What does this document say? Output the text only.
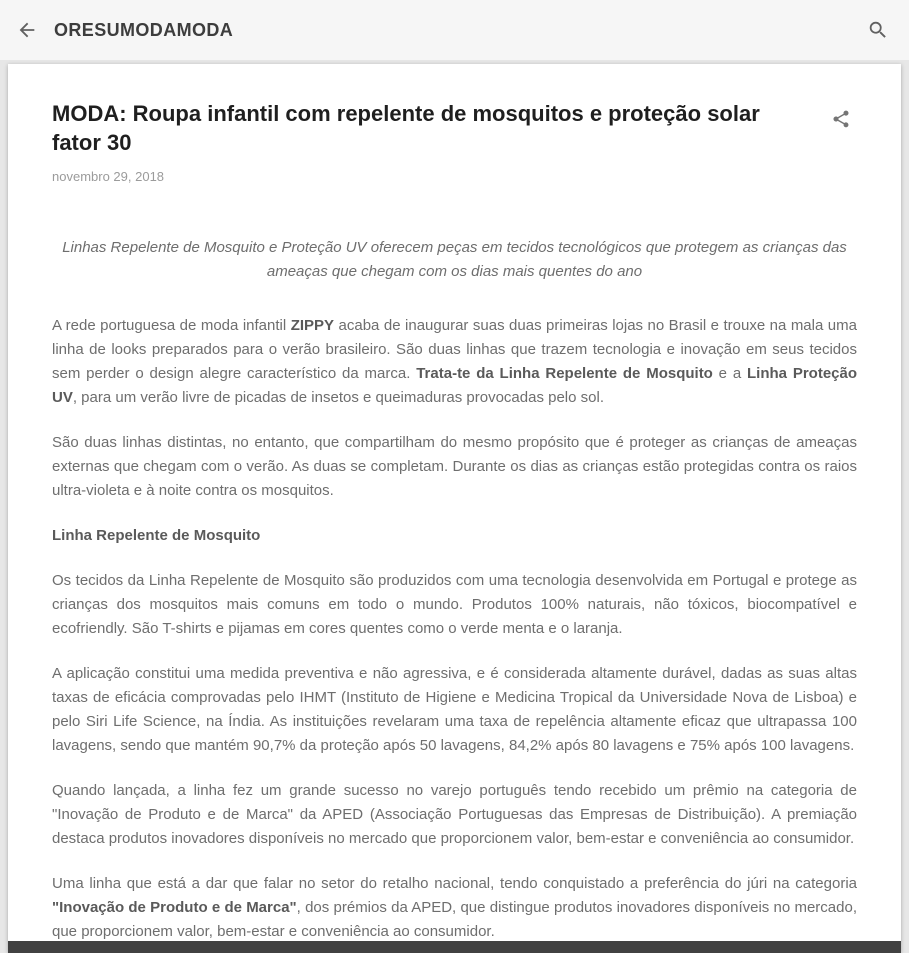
ORESUMODAMODA
MODA: Roupa infantil com repelente de mosquitos e proteção solar fator 30
novembro 29, 2018

Linhas Repelente de Mosquito e Proteção UV oferecem peças em tecidos tecnológicos que protegem as crianças das ameaças que chegam com os dias mais quentes do ano

A rede portuguesa de moda infantil ZIPPY acaba de inaugurar suas duas primeiras lojas no Brasil e trouxe na mala uma linha de looks preparados para o verão brasileiro. São duas linhas que trazem tecnologia e inovação em seus tecidos sem perder o design alegre característico da marca. Trata-te da Linha Repelente de Mosquito e a Linha Proteção UV, para um verão livre de picadas de insetos e queimaduras provocadas pelo sol.

São duas linhas distintas, no entanto, que compartilham do mesmo propósito que é proteger as crianças de ameaças externas que chegam com o verão. As duas se completam. Durante os dias as crianças estão protegidas contra os raios ultra-violeta e à noite contra os mosquitos.

Linha Repelente de Mosquito

Os tecidos da Linha Repelente de Mosquito são produzidos com uma tecnologia desenvolvida em Portugal e protege as crianças dos mosquitos mais comuns em todo o mundo. Produtos 100% naturais, não tóxicos, biocompatível e ecofriendly. São T-shirts e pijamas em cores quentes como o verde menta e o laranja.

A aplicação constitui uma medida preventiva e não agressiva, e é considerada altamente durável, dadas as suas altas taxas de eficácia comprovadas pelo IHMT (Instituto de Higiene e Medicina Tropical da Universidade Nova de Lisboa) e pelo Siri Life Science, na Índia. As instituições revelaram uma taxa de repelência altamente eficaz que ultrapassa 100 lavagens, sendo que mantém 90,7% da proteção após 50 lavagens, 84,2% após 80 lavagens e 75% após 100 lavagens.

Quando lançada, a linha fez um grande sucesso no varejo português tendo recebido um prêmio na categoria de "Inovação de Produto e de Marca" da APED (Associação Portuguesas das Empresas de Distribuição). A premiação destaca produtos inovadores disponíveis no mercado que proporcionem valor, bem-estar e conveniência ao consumidor.

Uma linha que está a dar que falar no setor do retalho nacional, tendo conquistado a preferência do júri na categoria "Inovação de Produto e de Marca", dos prémios da APED, que distingue produtos inovadores disponíveis no mercado, que proporcionem valor, bem-estar e conveniência ao consumidor.
